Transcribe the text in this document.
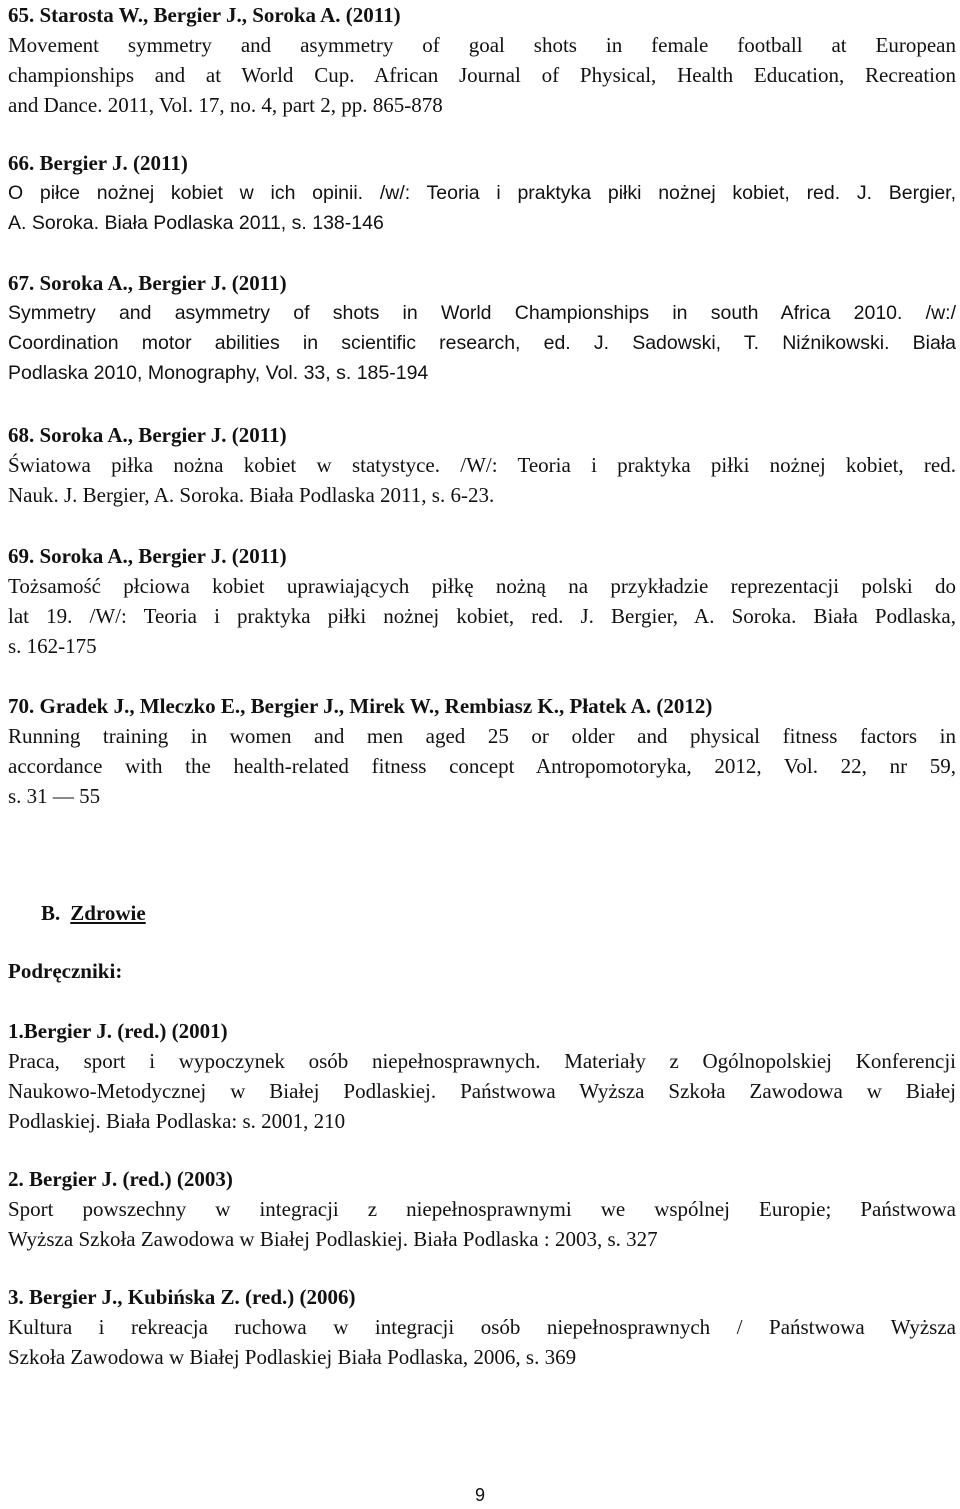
65. Starosta W., Bergier J., Soroka A. (2011)
Movement symmetry and asymmetry of goal shots in female football at European
championships and at World Cup. African Journal of Physical, Health Education, Recreation
and Dance. 2011, Vol. 17, no. 4, part 2, pp. 865-878
66. Bergier J. (2011)
O piłce nożnej kobiet w ich opinii. /w/: Teoria i praktyka piłki nożnej kobiet, red. J. Bergier,
A. Soroka. Biała Podlaska 2011, s. 138-146
67. Soroka A., Bergier J. (2011)
Symmetry and asymmetry of shots in World Championships in south Africa 2010. /w:/
Coordination motor abilities in scientific research, ed. J. Sadowski, T. Niźnikowski. Biała
Podlaska 2010, Monography, Vol. 33, s. 185-194
68. Soroka A., Bergier J. (2011)
Światowa piłka nożna kobiet w statystyce. /W/: Teoria i praktyka piłki nożnej kobiet, red.
Nauk. J. Bergier, A. Soroka. Biała Podlaska 2011, s. 6-23.
69. Soroka A., Bergier J. (2011)
Tożsamość płciowa kobiet uprawiających piłkę nożną na przykładzie reprezentacji polski do
lat 19. /W/: Teoria i praktyka piłki nożnej kobiet, red. J. Bergier, A. Soroka. Biała Podlaska,
s. 162-175
70. Gradek J., Mleczko E., Bergier J., Mirek W., Rembiasz K., Płatek A. (2012)
Running training in women and men aged 25 or older and physical fitness factors in
accordance with the health-related fitness concept Antropomotoryka, 2012, Vol. 22, nr 59,
s. 31 — 55
B. Zdrowie
Podręczniki:
1.Bergier J. (red.) (2001)
Praca, sport i wypoczynek osób niepełnosprawnych. Materiały z Ogólnopolskiej Konferencji
Naukowo-Metodycznej w Białej Podlaskiej. Państwowa Wyższa Szkoła Zawodowa w Białej
Podlaskiej. Biała Podlaska: s. 2001, 210
2. Bergier J. (red.) (2003)
Sport powszechny w integracji z niepełnosprawnymi we wspólnej Europie; Państwowa
Wyższa Szkoła Zawodowa w Białej Podlaskiej. Biała Podlaska : 2003, s. 327
3. Bergier J., Kubińska Z. (red.) (2006)
Kultura i rekreacja ruchowa w integracji osób niepełnosprawnych / Państwowa Wyższa
Szkoła Zawodowa w Białej Podlaskiej Biała Podlaska, 2006, s. 369
9
